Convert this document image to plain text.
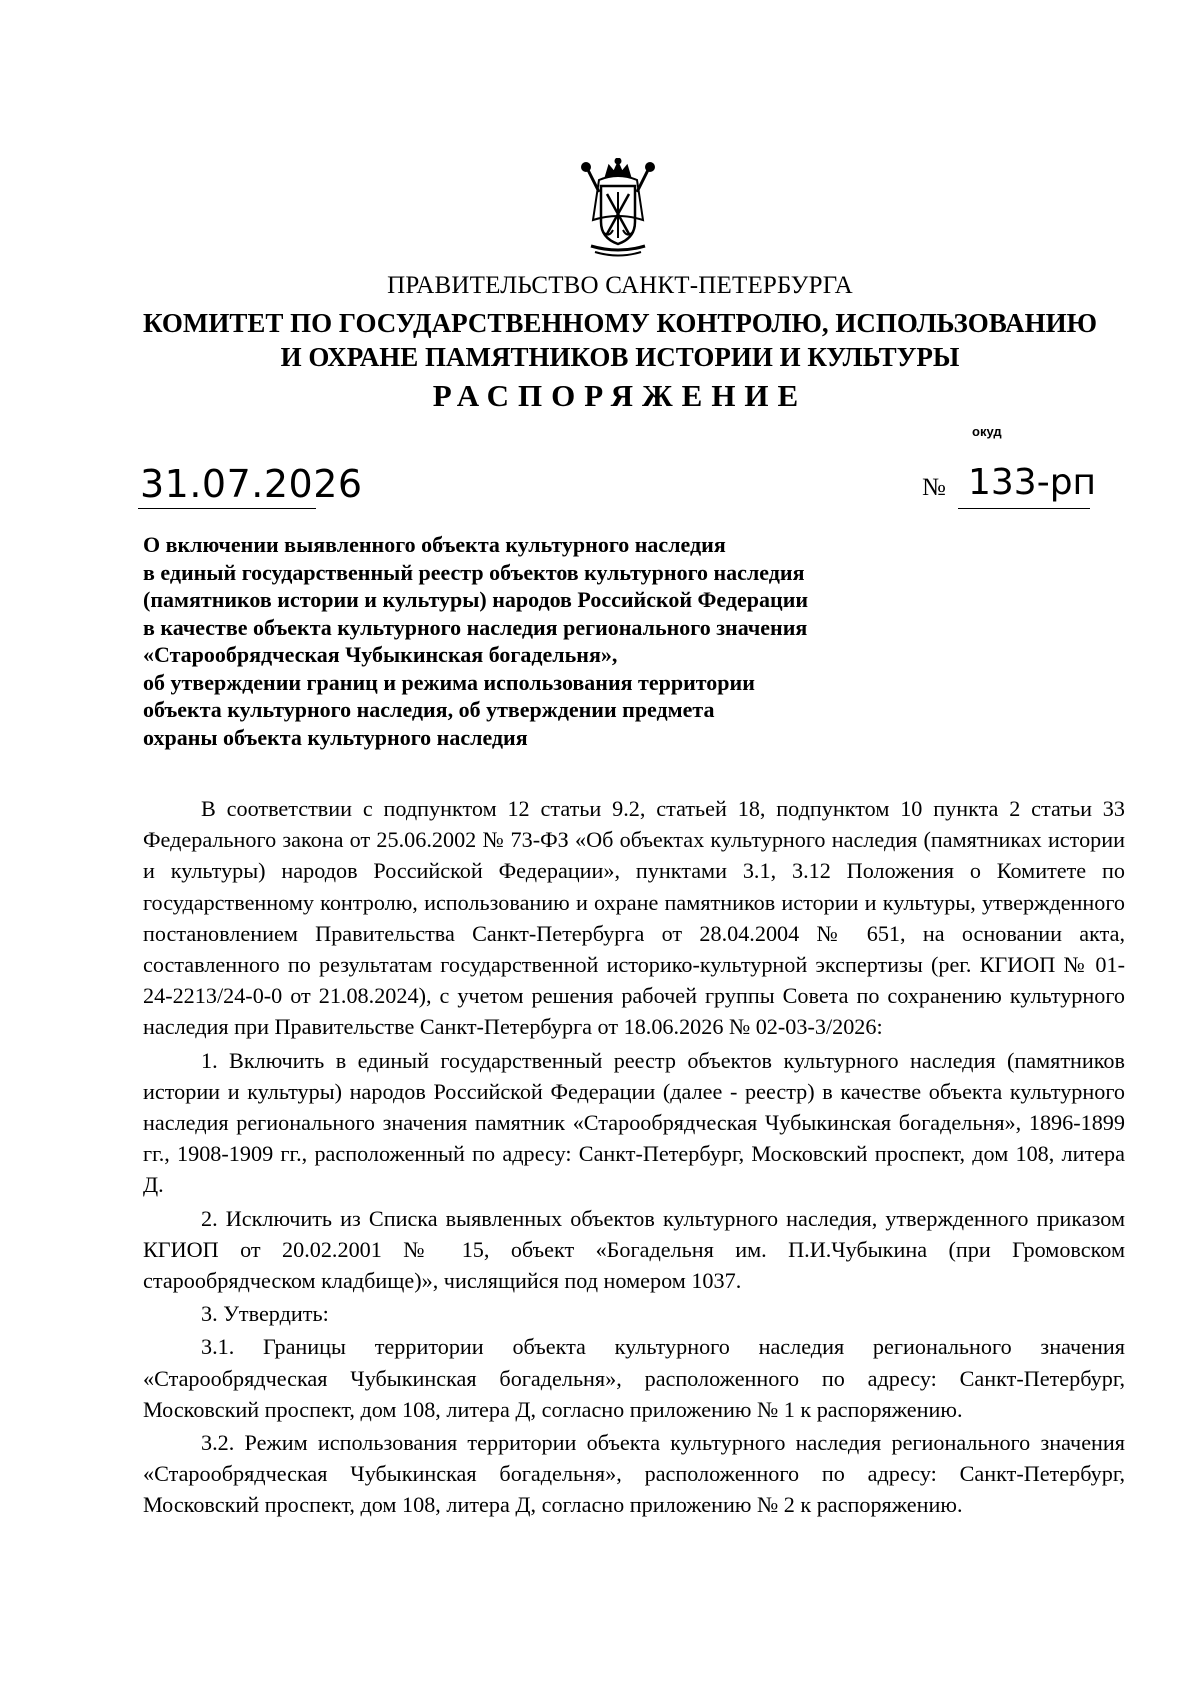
ПРАВИТЕЛЬСТВО САНКТ-ПЕТЕРБУРГА
КОМИТЕТ ПО ГОСУДАРСТВЕННОМУ КОНТРОЛЮ, ИСПОЛЬЗОВАНИЮ
И ОХРАНЕ ПАМЯТНИКОВ ИСТОРИИ И КУЛЬТУРЫ
РАСПОРЯЖЕНИЕ
окуд
31.07.2026	№ 133-рп
О включении выявленного объекта культурного наследия
в единый государственный реестр объектов культурного наследия
(памятников истории и культуры) народов Российской Федерации
в качестве объекта культурного наследия регионального значения
«Старообрядческая Чубыкинская богадельня»,
об утверждении границ и режима использования территории
объекта культурного наследия, об утверждении предмета
охраны объекта культурного наследия

В соответствии с подпунктом 12 статьи 9.2, статьей 18, подпунктом 10 пункта 2 статьи 33 Федерального закона от 25.06.2002 № 73-ФЗ «Об объектах культурного наследия (памятниках истории и культуры) народов Российской Федерации», пунктами 3.1, 3.12 Положения о Комитете по государственному контролю, использованию и охране памятников истории и культуры, утвержденного постановлением Правительства Санкт-Петербурга от 28.04.2004 № 651, на основании акта, составленного по результатам государственной историко-культурной экспертизы (рег. КГИОП № 01-24-2213/24-0-0 от 21.08.2024), с учетом решения рабочей группы Совета по сохранению культурного наследия при Правительстве Санкт-Петербурга от 18.06.2026 № 02-03-3/2026:

1. Включить в единый государственный реестр объектов культурного наследия (памятников истории и культуры) народов Российской Федерации (далее - реестр) в качестве объекта культурного наследия регионального значения памятник «Старообрядческая Чубыкинская богадельня», 1896-1899 гг., 1908-1909 гг., расположенный по адресу: Санкт-Петербург, Московский проспект, дом 108, литера Д.

2. Исключить из Списка выявленных объектов культурного наследия, утвержденного приказом КГИОП от 20.02.2001 № 15, объект «Богадельня им. П.И.Чубыкина (при Громовском старообрядческом кладбище)», числящийся под номером 1037.

3. Утвердить:

3.1. Границы территории объекта культурного наследия регионального значения «Старообрядческая Чубыкинская богадельня», расположенного по адресу: Санкт-Петербург, Московский проспект, дом 108, литера Д, согласно приложению № 1 к распоряжению.

3.2. Режим использования территории объекта культурного наследия регионального значения «Старообрядческая Чубыкинская богадельня», расположенного по адресу: Санкт-Петербург, Московский проспект, дом 108, литера Д, согласно приложению № 2 к распоряжению.
